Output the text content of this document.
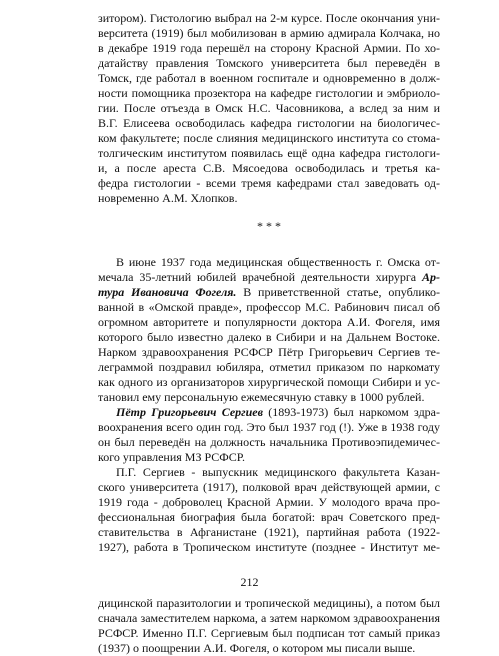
зитором). Гистологию выбрал на 2-м курсе. После окончания уни-
верситета (1919) был мобилизован в армию адмирала Колчака, но
в декабре 1919 года перешёл на сторону Красной Армии. По хо-
датайству правления Томского университета был переведён в
Томск, где работал в военном госпитале и одновременно в долж-
ности помощника прозектора на кафедре гистологии и эмбриоло-
гии. После отъезда в Омск Н.С. Часовникова, а вслед за ним и
В.Г. Елисеева освободилась кафедра гистологии на биологичес-
ком факультете; после слияния медицинского института со стома-
толгическим институтом появилась ещё одна кафедра гистологи-
и, а после ареста С.В. Мясоедова освободилась и третья ка-
федра гистологии - всеми тремя кафедрами стал заведовать од-
новременно А.М. Хлопков.
* * *
В июне 1937 года медицинская общественность г. Омска от-
мечала 35-летний юбилей врачебной деятельности хирурга Ар-
тура Ивановича Фогеля. В приветственной статье, опублико-
ванной в «Омской правде», профессор М.С. Рабинович писал об
огромном авторитете и популярности доктора А.И. Фогеля, имя
которого было известно далеко в Сибири и на Дальнем Востоке.
Нарком здравоохранения РСФСР Пётр Григорьевич Сергиев те-
леграммой поздравил юбиляра, отметил приказом по наркомату
как одного из организаторов хирургической помощи Сибири и ус-
тановил ему персональную ежемесячную ставку в 1000 рублей.
Пётр Григорьевич Сергиев (1893-1973) был наркомом здра-
воохранения всего один год. Это был 1937 год (!). Уже в 1938 году
он был переведён на должность начальника Противоэпидемичес-
кого управления МЗ РСФСР.
П.Г. Сергиев - выпускник медицинского факультета Казан-
ского университета (1917), полковой врач действующей армии, с
1919 года - доброволец Красной Армии. У молодого врача про-
фессиональная биография была богатой: врач Советского пред-
ставительства в Афганистане (1921), партийная работа (1922-
1927), работа в Тропическом институте (позднее - Институт ме-
212
дицинской паразитологии и тропической медицины), а потом был
сначала заместителем наркома, а затем наркомом здравоохранения
РСФСР. Именно П.Г. Сергиевым был подписан тот самый приказ
(1937) о поощрении А.И. Фогеля, о котором мы писали выше.
